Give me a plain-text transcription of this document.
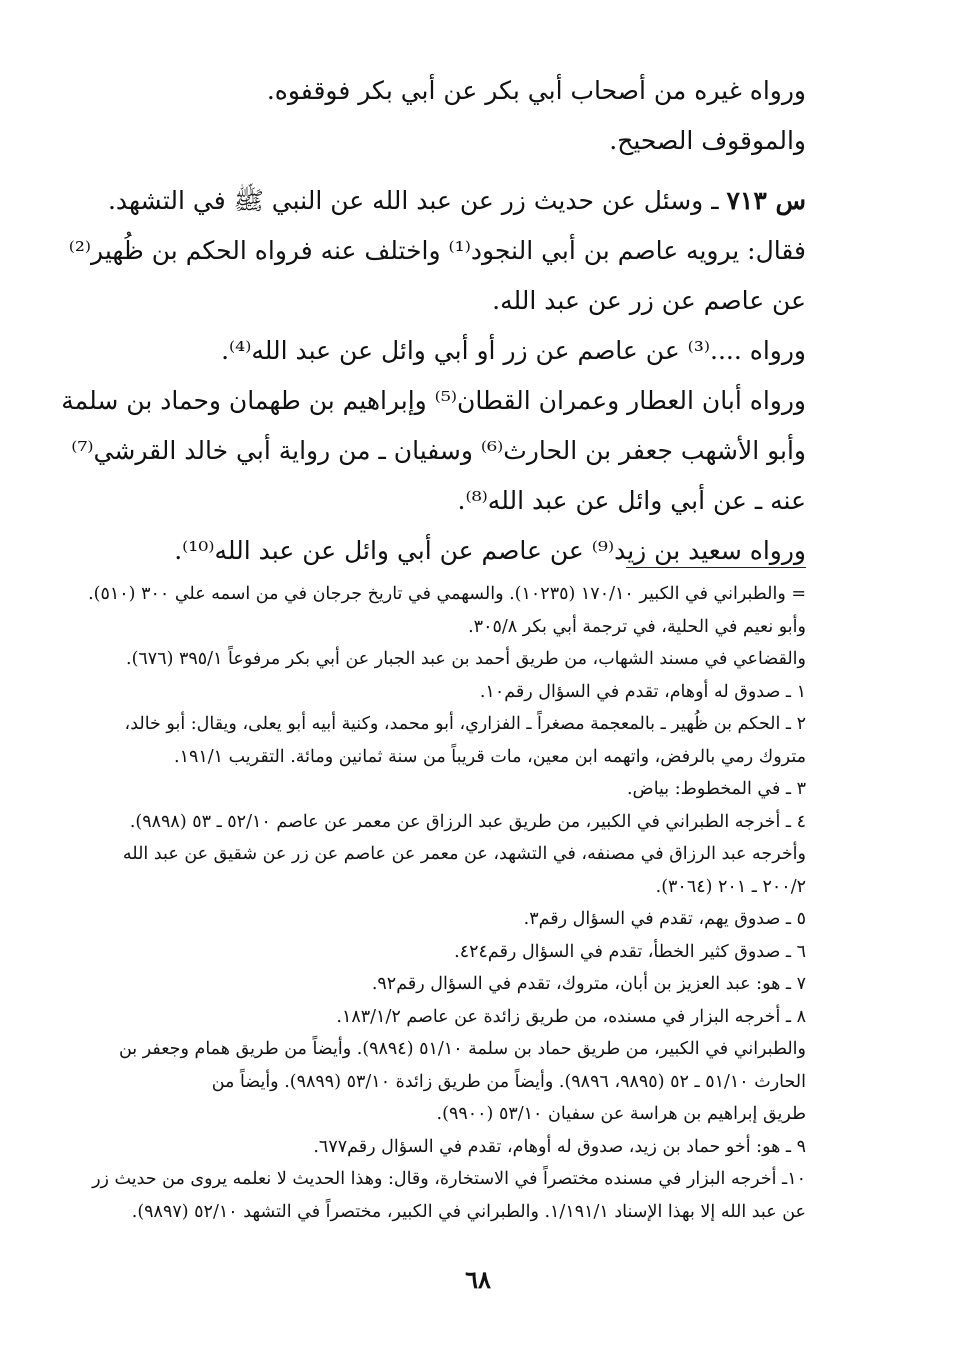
ورواه غيره من أصحاب أبي بكر عن أبي بكر فوقفوه.
والموقوف الصحيح.
س ٧١٣ ـ وسئل عن حديث زر عن عبد الله عن النبي ﷺ في التشهد.
فقال: يرويه عاصم بن أبي النجود⁽¹⁾ واختلف عنه فرواه الحكم بن ظُهير⁽²⁾
عن عاصم عن زر عن عبد الله.
ورواه ....⁽³⁾ عن عاصم عن زر أو أبي وائل عن عبد الله⁽⁴⁾.
ورواه أبان العطار وعمران القطان⁽⁵⁾ وإبراهيم بن طهمان وحماد بن سلمة
وأبو الأشهب جعفر بن الحارث⁽⁶⁾ وسفيان ـ من رواية أبي خالد القرشي⁽⁷⁾
عنه ـ عن أبي وائل عن عبد الله⁽⁸⁾.
ورواه سعيد بن زيد⁽⁹⁾ عن عاصم عن أبي وائل عن عبد الله⁽¹⁰⁾.
= والطبراني في الكبير ١٧٠/١٠ (١٠٢٣٥). والسهمي في تاريخ جرجان في من اسمه علي ٣٠٠ (٥١٠).
وأبو نعيم في الحلية، في ترجمة أبي بكر ٣٠٥/٨.
والقضاعي في مسند الشهاب، من طريق أحمد بن عبد الجبار عن أبي بكر مرفوعاً ٣٩٥/١ (٦٧٦).
١ ـ صدوق له أوهام، تقدم في السؤال رقم١٠.
٢ ـ الحكم بن ظُهير ـ بالمعجمة مصغراً ـ الفزاري، أبو محمد، وكنية أبيه أبو يعلى، ويقال: أبو خالد،
متروك رمي بالرفض، واتهمه ابن معين، مات قريباً من سنة ثمانين ومائة. التقريب ١٩١/١.
٣ ـ في المخطوط: بياض.
٤ ـ أخرجه الطبراني في الكبير، من طريق عبد الرزاق عن معمر عن عاصم ٥٢/١٠ ـ ٥٣ (٩٨٩٨).
وأخرجه عبد الرزاق في مصنفه، في التشهد، عن معمر عن عاصم عن زر عن شقيق عن عبد الله
٢٠٠/٢ ـ ٢٠١ (٣٠٦٤).
٥ ـ صدوق يهم، تقدم في السؤال رقم٣.
٦ ـ صدوق كثير الخطأ، تقدم في السؤال رقم٤٢٤.
٧ ـ هو: عبد العزيز بن أبان، متروك، تقدم في السؤال رقم٩٢.
٨ ـ أخرجه البزار في مسنده، من طريق زائدة عن عاصم ١٨٣/١/٢.
والطبراني في الكبير، من طريق حماد بن سلمة ٥١/١٠ (٩٨٩٤). وأيضاً من طريق همام وجعفر بن
الحارث ٥١/١٠ ـ ٥٢ (٩٨٩٥، ٩٨٩٦). وأيضاً من طريق زائدة ٥٣/١٠ (٩٨٩٩). وأيضاً من
طريق إبراهيم بن هراسة عن سفيان ٥٣/١٠ (٩٩٠٠).
٩ ـ هو: أخو حماد بن زيد، صدوق له أوهام، تقدم في السؤال رقم٦٧٧.
١٠ـ أخرجه البزار في مسنده مختصراً في الاستخارة، وقال: وهذا الحديث لا نعلمه يروى من حديث زر
عن عبد الله إلا بهذا الإسناد ١/١٩١/١. والطبراني في الكبير، مختصراً في التشهد ٥٢/١٠ (٩٨٩٧).
٦٨
